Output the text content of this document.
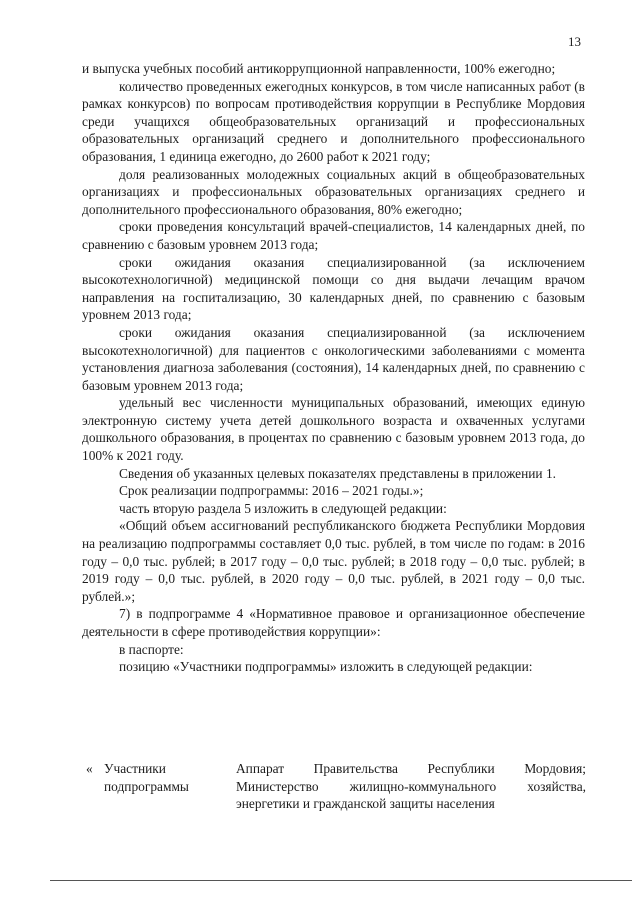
13

и выпуска учебных пособий антикоррупционной направленности, 100% ежегодно;

количество проведенных ежегодных конкурсов, в том числе написанных работ (в рамках конкурсов) по вопросам противодействия коррупции в Республике Мордовия среди учащихся общеобразовательных организаций и профессиональных образовательных организаций среднего и дополнительного профессионального образования, 1 единица ежегодно, до 2600 работ к 2021 году;

доля реализованных молодежных социальных акций в общеобразовательных организациях и профессиональных образовательных организациях среднего и дополнительного профессионального образования, 80% ежегодно;

сроки проведения консультаций врачей-специалистов, 14 календарных дней, по сравнению с базовым уровнем 2013 года;

сроки ожидания оказания специализированной (за исключением высокотехнологичной) медицинской помощи со дня выдачи лечащим врачом направления на госпитализацию, 30 календарных дней, по сравнению с базовым уровнем 2013 года;

сроки ожидания оказания специализированной (за исключением высокотехнологичной) для пациентов с онкологическими заболеваниями с момента установления диагноза заболевания (состояния), 14 календарных дней, по сравнению с базовым уровнем 2013 года;

удельный вес численности муниципальных образований, имеющих единую электронную систему учета детей дошкольного возраста и охваченных услугами дошкольного образования, в процентах по сравнению с базовым уровнем 2013 года, до 100% к 2021 году.

Сведения об указанных целевых показателях представлены в приложении 1.

Срок реализации подпрограммы: 2016 – 2021 годы.»;

часть вторую раздела 5 изложить в следующей редакции:

«Общий объем ассигнований республиканского бюджета Республики Мордовия на реализацию подпрограммы составляет 0,0 тыс. рублей, в том числе по годам: в 2016 году – 0,0 тыс. рублей; в 2017 году – 0,0 тыс. рублей; в 2018 году – 0,0 тыс. рублей; в 2019 году – 0,0 тыс. рублей, в 2020 году – 0,0 тыс. рублей, в 2021 году – 0,0 тыс. рублей.»;

7) в подпрограмме 4 «Нормативное правовое и организационное обеспечение деятельности в сфере противодействия коррупции»:

в паспорте:

позицию «Участники подпрограммы» изложить в следующей редакции:

« Участники подпрограммы
Аппарат Правительства Республики Мордовия; Министерство жилищно-коммунального хозяйства, энергетики и гражданской защиты населения
